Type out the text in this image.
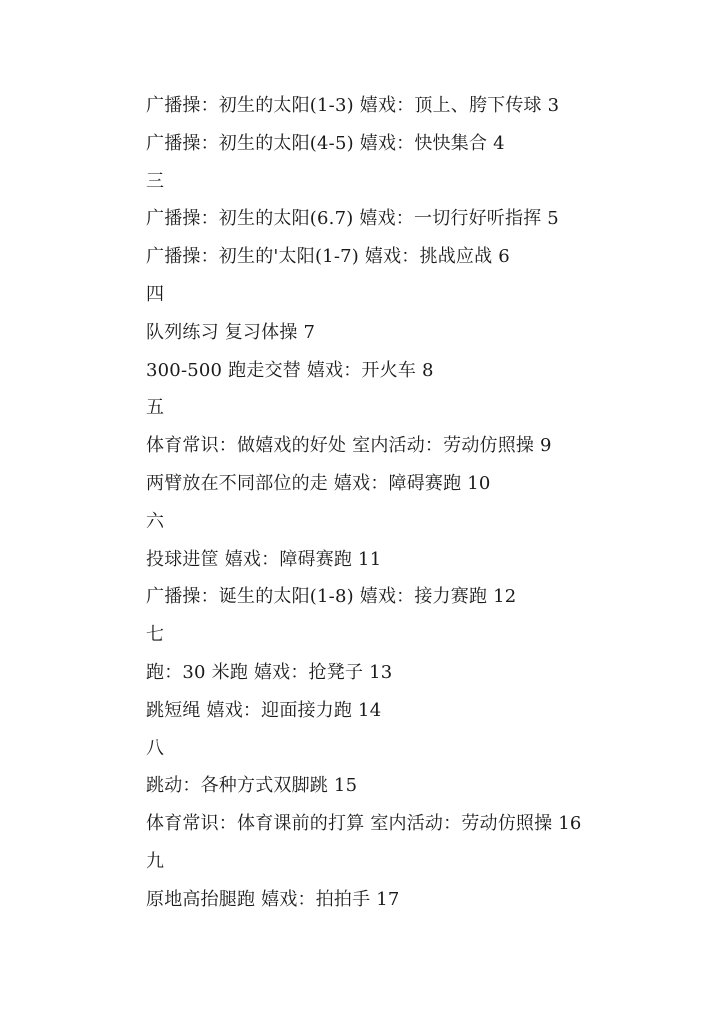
广播操：初生的太阳(1-3) 嬉戏：顶上、胯下传球 3
广播操：初生的太阳(4-5) 嬉戏：快快集合 4
三
广播操：初生的太阳(6.7) 嬉戏：一切行好听指挥 5
广播操：初生的'太阳(1-7) 嬉戏：挑战应战 6
四
队列练习 复习体操 7
300-500 跑走交替 嬉戏：开火车 8
五
体育常识：做嬉戏的好处 室内活动：劳动仿照操 9
两臂放在不同部位的走 嬉戏：障碍赛跑 10
六
投球进筐 嬉戏：障碍赛跑 11
广播操：诞生的太阳(1-8) 嬉戏：接力赛跑 12
七
跑：30 米跑 嬉戏：抢凳子 13
跳短绳 嬉戏：迎面接力跑 14
八
跳动：各种方式双脚跳 15
体育常识：体育课前的打算 室内活动：劳动仿照操 16
九
原地高抬腿跑 嬉戏：拍拍手 17
